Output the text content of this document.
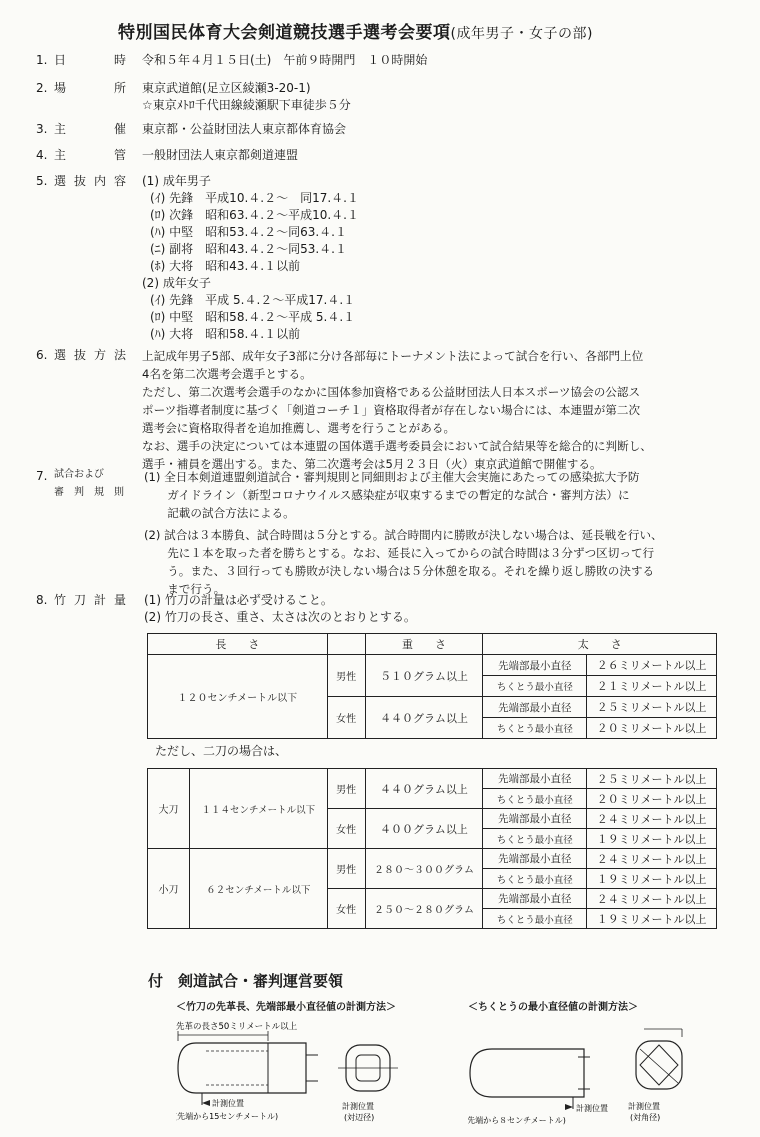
特別国民体育大会剣道競技選手選考会要項(成年男子・女子の部)
1. 日	時 令和５年４月１５日(土)　午前９時開門　１０時開始
2. 場	所 東京武道館(足立区綾瀬3-20-1)
☆東京ﾒﾄﾛ千代田線綾瀬駅下車徒歩５分
3. 主	催 東京都・公益財団法人東京都体育協会
4. 主	管 一般財団法人東京都剣道連盟
5. 選 抜 内 容 (1) 成年男子
(ｲ) 先鋒　平成10.４.２～　同17.４.１
(ﾛ) 次鋒　昭和63.４.２～平成10.４.１
(ﾊ) 中堅　昭和53.４.２～同63.４.１
(ﾆ) 副将　昭和43.４.２～同53.４.１
(ﾎ) 大将　昭和43.４.１以前
(2) 成年女子
(ｲ) 先鋒　平成 5.４.２～平成17.４.１
(ﾛ) 中堅　昭和58.４.２～平成 5.４.１
(ﾊ) 大将　昭和58.４.１以前
6. 選 抜 方 法 上記成年男子5部、成年女子3部に分け各部毎にトーナメント法によって試合を行い、各部門上位
4名を第二次選考会選手とする。
ただし、第二次選考会選手のなかに国体参加資格である公益財団法人日本スポーツ協会の公認ス
ポーツ指導者制度に基づく「剣道コーチ１」資格取得者が存在しない場合には、本連盟が第二次
選考会に資格取得者を追加推薦し、選考を行うことがある。
なお、選手の決定については本連盟の国体選手選考委員会において試合結果等を総合的に判断し、
選手・補員を選出する。また、第二次選考会は5月２３日（火）東京武道館で開催する。
7. 試合および
審　判　規　則
(1) 全日本剣道連盟剣道試合・審判規則と同細則および主催大会実施にあたっての感染拡大予防
　　ガイドライン（新型コロナウイルス感染症が収束するまでの暫定的な試合・審判方法）に
　　記載の試合方法による。
(2) 試合は３本勝負、試合時間は５分とする。試合時間内に勝敗が決しない場合は、延長戦を行い、
　　先に１本を取った者を勝ちとする。なお、延長に入ってからの試合時間は３分ずつ区切って行
　　う。また、３回行っても勝敗が決しない場合は５分休憩を取る。それを繰り返し勝敗の決する
　　まで行う。
8. 竹 刀 計 量 (1) 竹刀の計量は必ず受けること。
(2) 竹刀の長さ、重さ、太さは次のとおりとする。
長　　さ		重　　さ	太　　さ	
１２０センチメートル以下	男性	５１０グラム以上	先端部最小直径	２６ミリメートル以上
			ちくとう最小直径	２１ミリメートル以上
	女性	４４０グラム以上	先端部最小直径	２５ミリメートル以上
			ちくとう最小直径	２０ミリメートル以上
ただし、二刀の場合は、
大刀	１１４センチメートル以下	男性	４４０グラム以上	先端部最小直径	２５ミリメートル以上
				ちくとう最小直径	２０ミリメートル以上
		女性	４００グラム以上	先端部最小直径	２４ミリメートル以上
				ちくとう最小直径	１９ミリメートル以上
小刀	６２センチメートル以下	男性	２８０～３００グラム	先端部最小直径	２４ミリメートル以上
				ちくとう最小直径	１９ミリメートル以上
		女性	２５０～２８０グラム	先端部最小直径	２４ミリメートル以上
				ちくとう最小直径	１９ミリメートル以上
付　剣道試合・審判運営要領
＜竹刀の先革長、先端部最小直径値の計測方法＞
先革の長さ50ミリメートル以上
計測位置
(先端から15センチメートル)
計測位置
(対辺径)
＜ちくとうの最小直径値の計測方法＞
計測位置
(先端から８センチメートル)
計測位置
(対角径)
